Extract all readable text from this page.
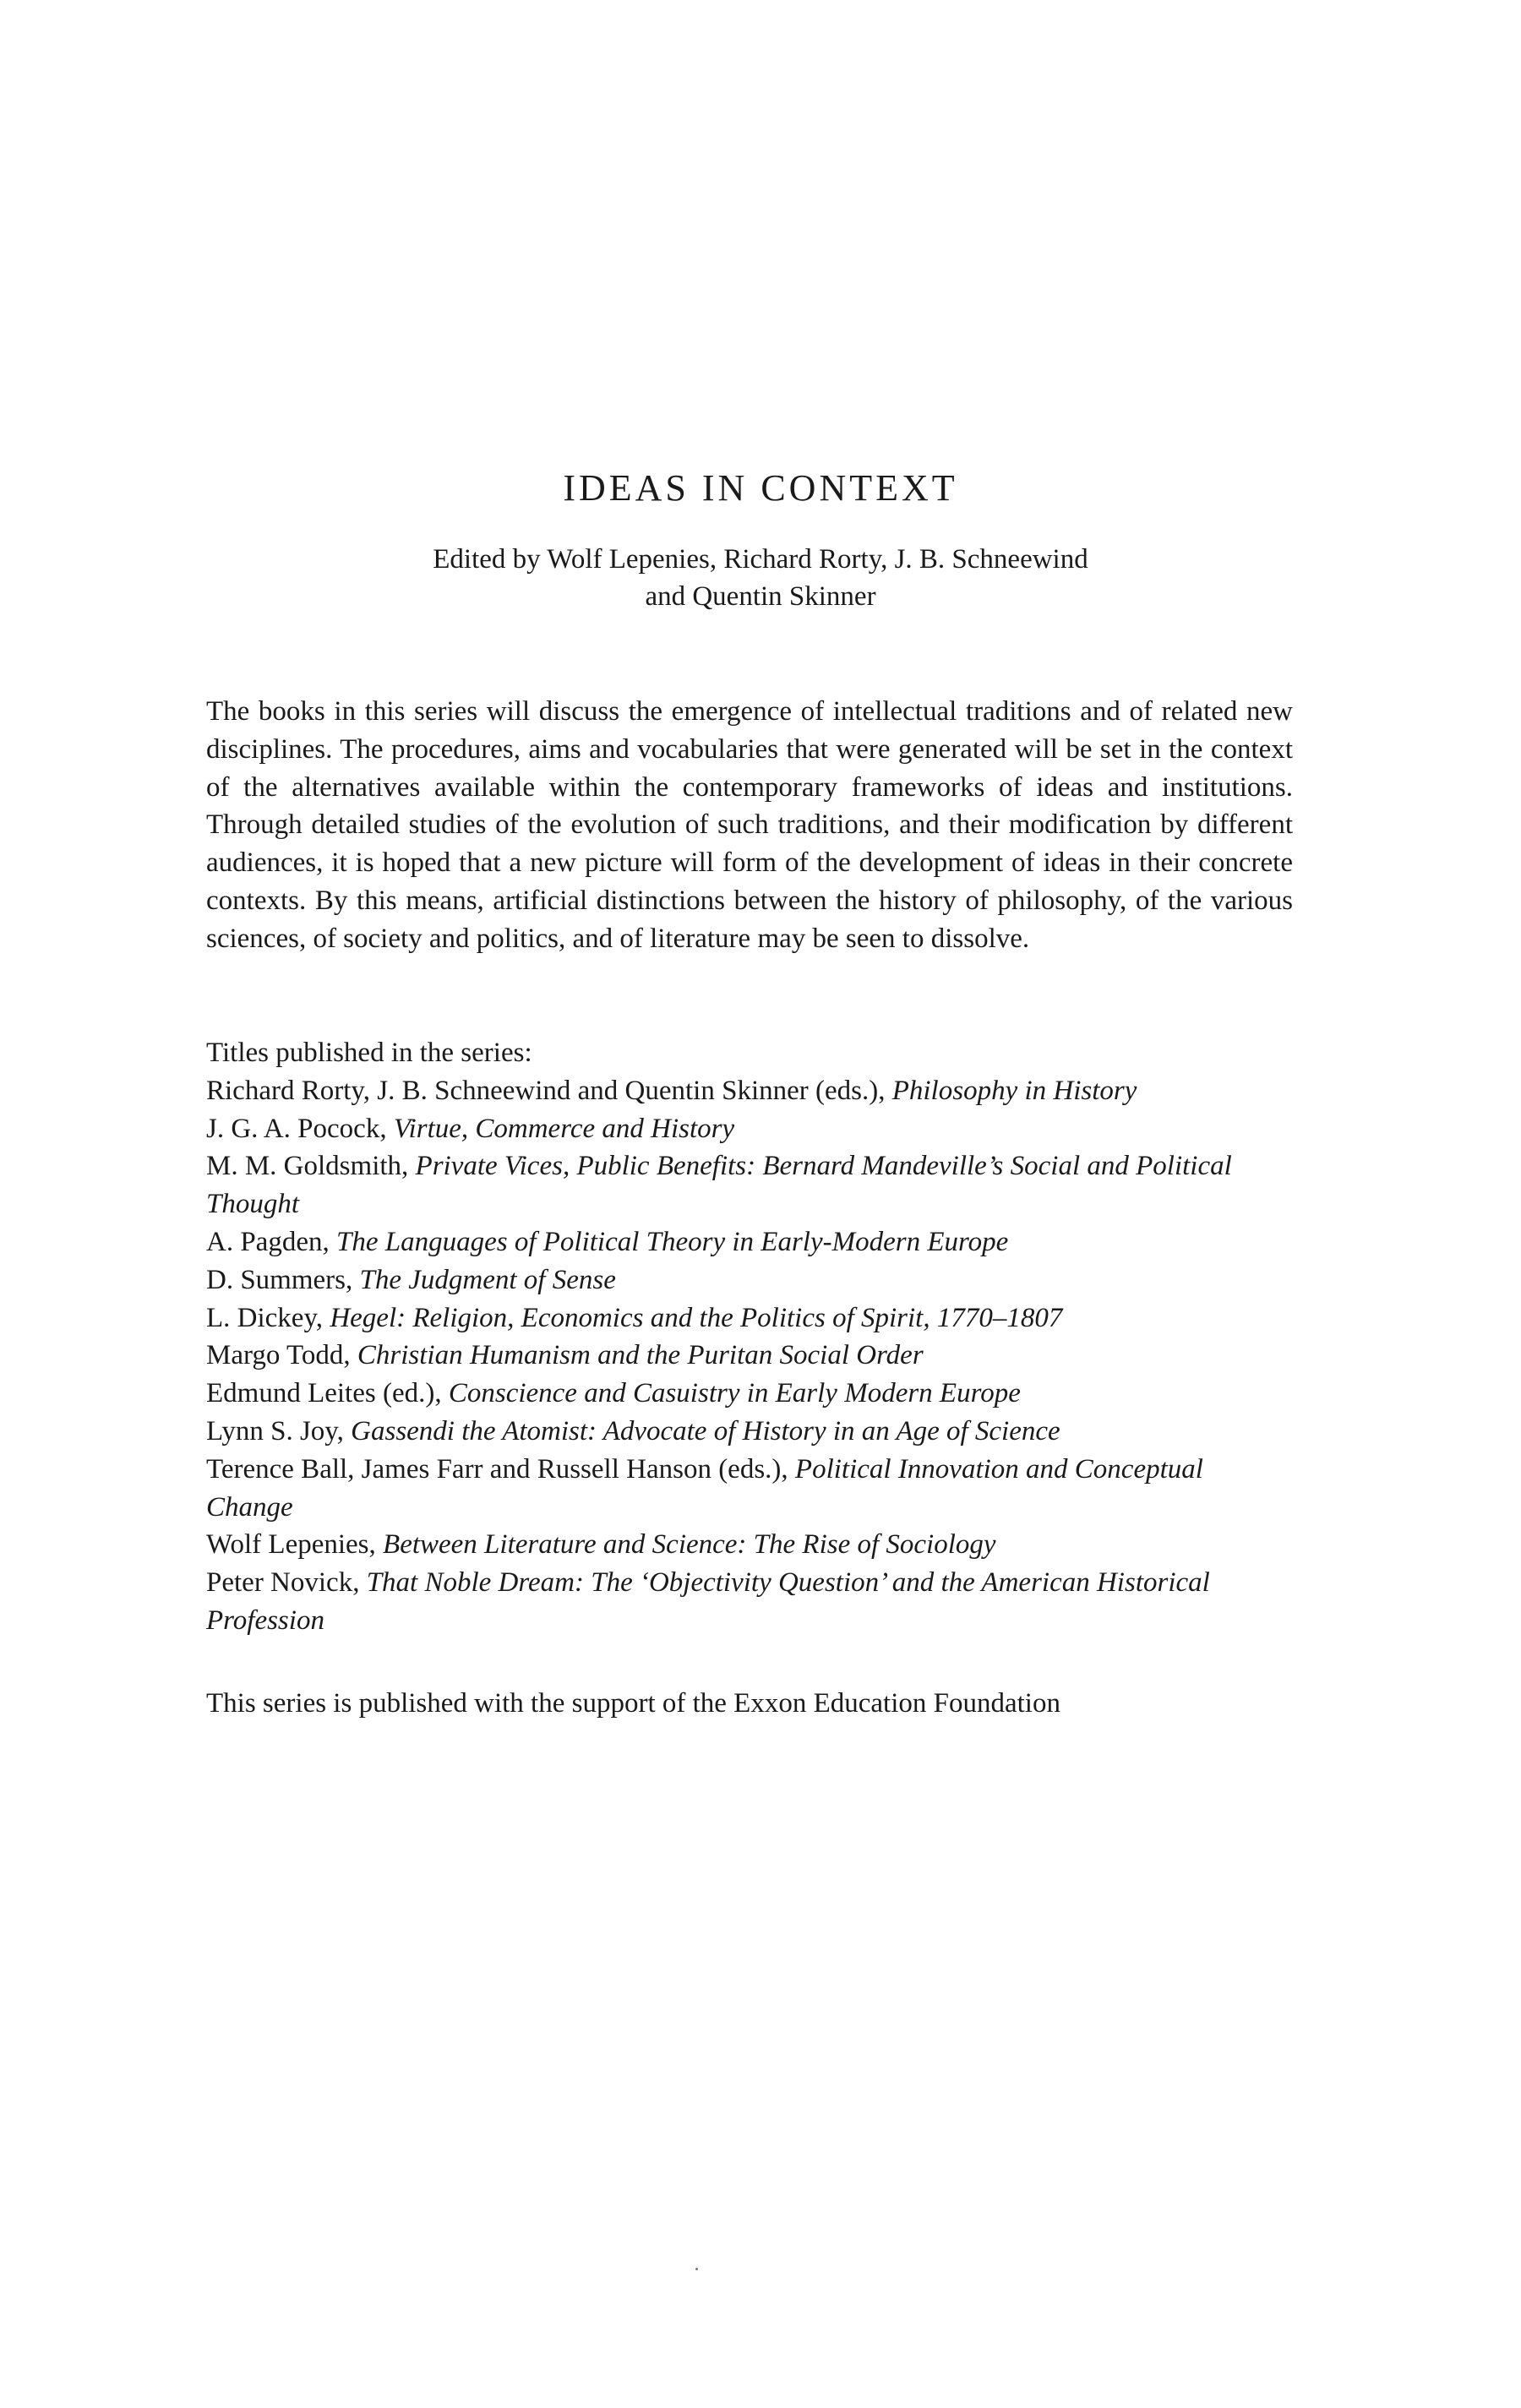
IDEAS IN CONTEXT
Edited by Wolf Lepenies, Richard Rorty, J. B. Schneewind
and Quentin Skinner

The books in this series will discuss the emergence of intellectual traditions and of related new disciplines. The procedures, aims and vocabularies that were generated will be set in the context of the alternatives available within the contemporary frameworks of ideas and institutions. Through detailed studies of the evolution of such traditions, and their modification by different audiences, it is hoped that a new picture will form of the development of ideas in their concrete contexts. By this means, artificial distinctions between the history of philosophy, of the various sciences, of society and politics, and of literature may be seen to dissolve.

Titles published in the series:
Richard Rorty, J. B. Schneewind and Quentin Skinner (eds.), Philosophy in History
J. G. A. Pocock, Virtue, Commerce and History
M. M. Goldsmith, Private Vices, Public Benefits: Bernard Mandeville’s Social and Political
Thought
A. Pagden, The Languages of Political Theory in Early-Modern Europe
D. Summers, The Judgment of Sense
L. Dickey, Hegel: Religion, Economics and the Politics of Spirit, 1770–1807
Margo Todd, Christian Humanism and the Puritan Social Order
Edmund Leites (ed.), Conscience and Casuistry in Early Modern Europe
Lynn S. Joy, Gassendi the Atomist: Advocate of History in an Age of Science
Terence Ball, James Farr and Russell Hanson (eds.), Political Innovation and Conceptual
Change
Wolf Lepenies, Between Literature and Science: The Rise of Sociology
Peter Novick, That Noble Dream: The ‘Objectivity Question’ and the American Historical
Profession
This series is published with the support of the Exxon Education Foundation
